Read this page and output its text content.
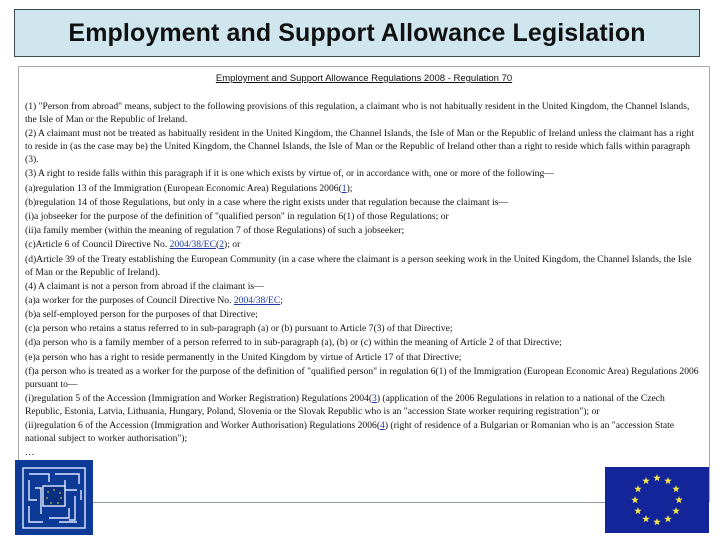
Employment and Support Allowance Legislation
Employment and Support Allowance Regulations 2008 - Regulation 70

(1) "Person from abroad" means, subject to the following provisions of this regulation, a claimant who is not habitually resident in the United Kingdom, the Channel Islands, the Isle of Man or the Republic of Ireland.

(2) A claimant must not be treated as habitually resident in the United Kingdom, the Channel Islands, the Isle of Man or the Republic of Ireland unless the claimant has a right to reside in (as the case may be) the United Kingdom, the Channel Islands, the Isle of Man or the Republic of Ireland other than a right to reside which falls within paragraph (3).

(3) A right to reside falls within this paragraph if it is one which exists by virtue of, or in accordance with, one or more of the following—

(a)regulation 13 of the Immigration (European Economic Area) Regulations 2006(1);

(b)regulation 14 of those Regulations, but only in a case where the right exists under that regulation because the claimant is—

(i)a jobseeker for the purpose of the definition of "qualified person" in regulation 6(1) of those Regulations; or

(ii)a family member (within the meaning of regulation 7 of those Regulations) of such a jobseeker;

(c)Article 6 of Council Directive No. 2004/38/EC(2); or

(d)Article 39 of the Treaty establishing the European Community (in a case where the claimant is a person seeking work in the United Kingdom, the Channel Islands, the Isle of Man or the Republic of Ireland).

(4) A claimant is not a person from abroad if the claimant is—

(a)a worker for the purposes of Council Directive No. 2004/38/EC;

(b)a self-employed person for the purposes of that Directive;

(c)a person who retains a status referred to in sub-paragraph (a) or (b) pursuant to Article 7(3) of that Directive;

(d)a person who is a family member of a person referred to in sub-paragraph (a), (b) or (c) within the meaning of Article 2 of that Directive;

(e)a person who has a right to reside permanently in the United Kingdom by virtue of Article 17 of that Directive;

(f)a person who is treated as a worker for the purpose of the definition of "qualified person" in regulation 6(1) of the Immigration (European Economic Area) Regulations 2006 pursuant to—

(i)regulation 5 of the Accession (Immigration and Worker Registration) Regulations 2004(3) (application of the 2006 Regulations in relation to a national of the Czech Republic, Estonia, Latvia, Lithuania, Hungary, Poland, Slovenia or the Slovak Republic who is an "accession State worker requiring registration"); or

(ii)regulation 6 of the Accession (Immigration and Worker Authorisation) Regulations 2006(4) (right of residence of a Bulgarian or Romanian who is an "accession State national subject to worker authorisation");

…
